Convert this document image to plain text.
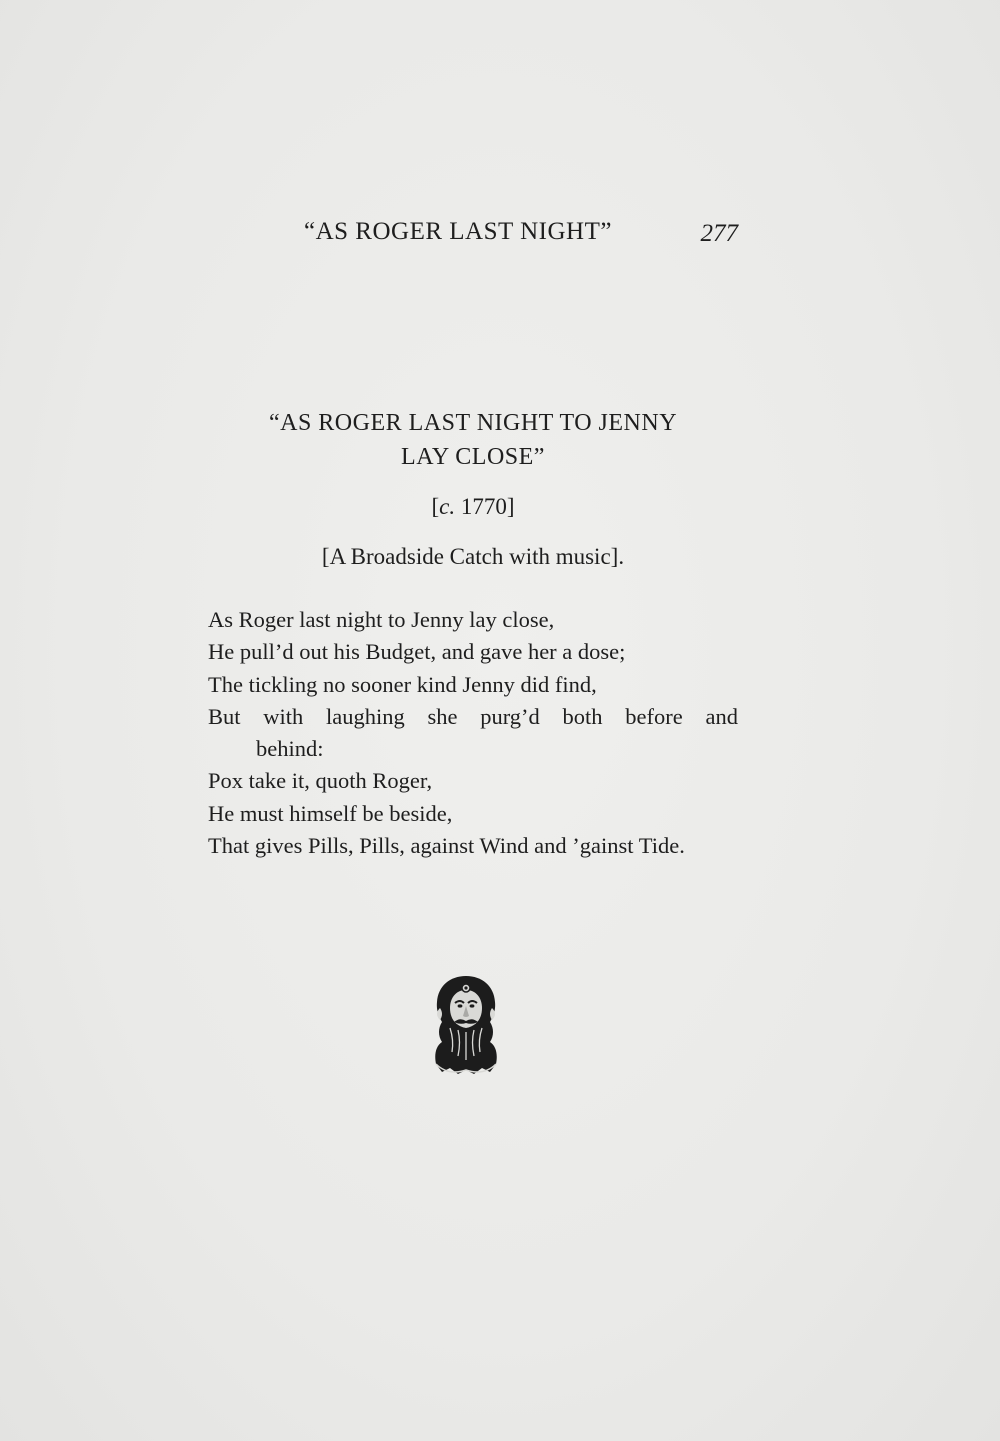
“AS ROGER LAST NIGHT”	277
“AS ROGER LAST NIGHT TO JENNY
LAY CLOSE”
[c. 1770]
[A Broadside Catch with music].
As Roger last night to Jenny lay close,
He pull’d out his Budget, and gave her a dose;
The tickling no sooner kind Jenny did find,
But with laughing she purg’d both before and
behind:
Pox take it, quoth Roger,
He must himself be beside,
That gives Pills, Pills, against Wind and ’gainst Tide.
